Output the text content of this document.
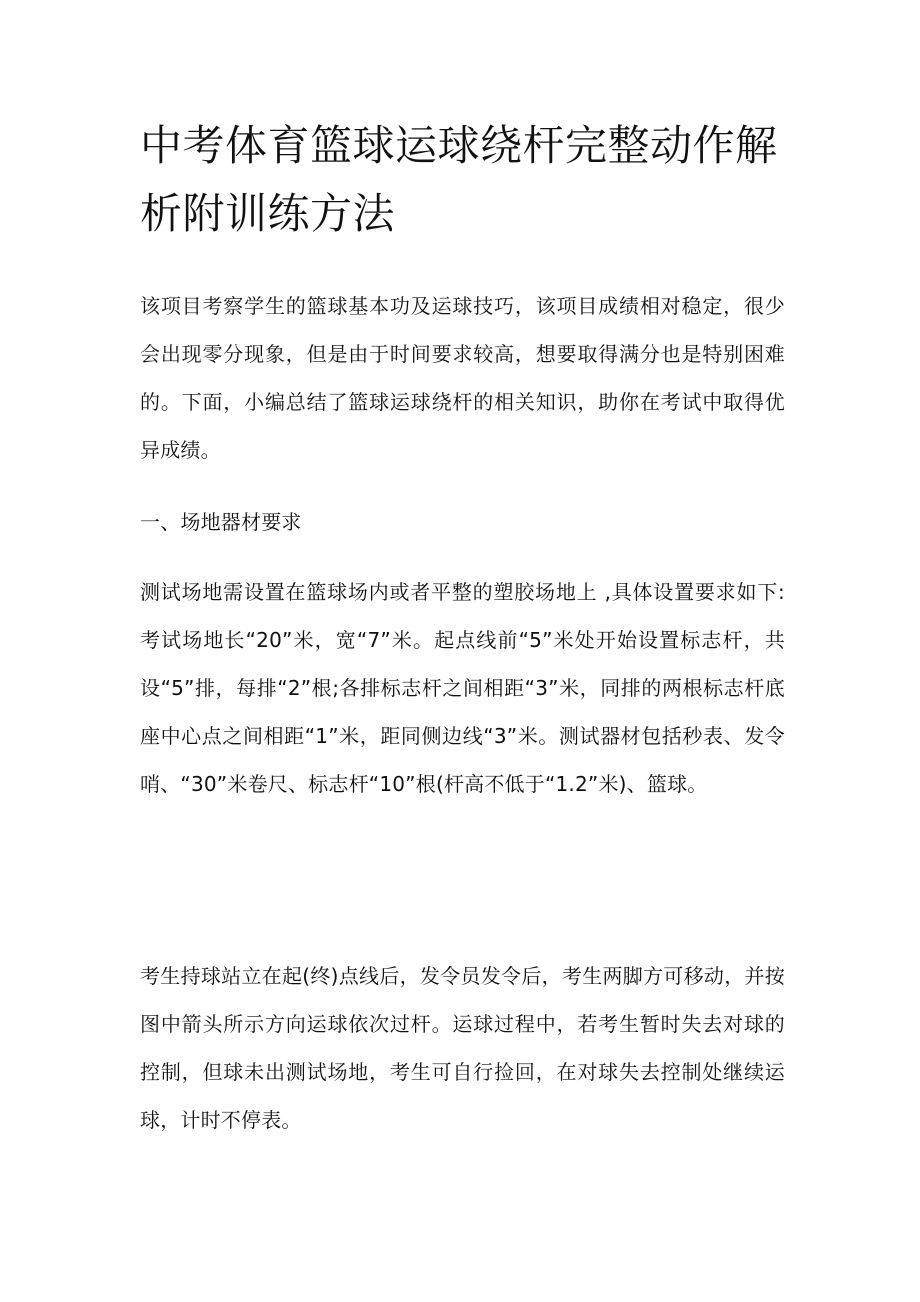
中考体育篮球运球绕杆完整动作解析附训练方法

该项目考察学生的篮球基本功及运球技巧，该项目成绩相对稳定，很少会出现零分现象，但是由于时间要求较高，想要取得满分也是特别困难的。下面，小编总结了篮球运球绕杆的相关知识，助你在考试中取得优异成绩。

一、场地器材要求

测试场地需设置在篮球场内或者平整的塑胶场地上 ,具体设置要求如下: 考试场地长“20”米，宽“7”米。起点线前“5”米处开始设置标志杆，共设“5”排，每排“2”根;各排标志杆之间相距“3”米，同排的两根标志杆底座中心点之间相距“1”米，距同侧边线“3”米。测试器材包括秒表、发令哨、“30”米卷尺、标志杆“10”根(杆高不低于“1.2”米)、篮球。

考生持球站立在起(终)点线后，发令员发令后，考生两脚方可移动，并按图中箭头所示方向运球依次过杆。运球过程中，若考生暂时失去对球的控制，但球未出测试场地，考生可自行捡回，在对球失去控制处继续运球，计时不停表。
